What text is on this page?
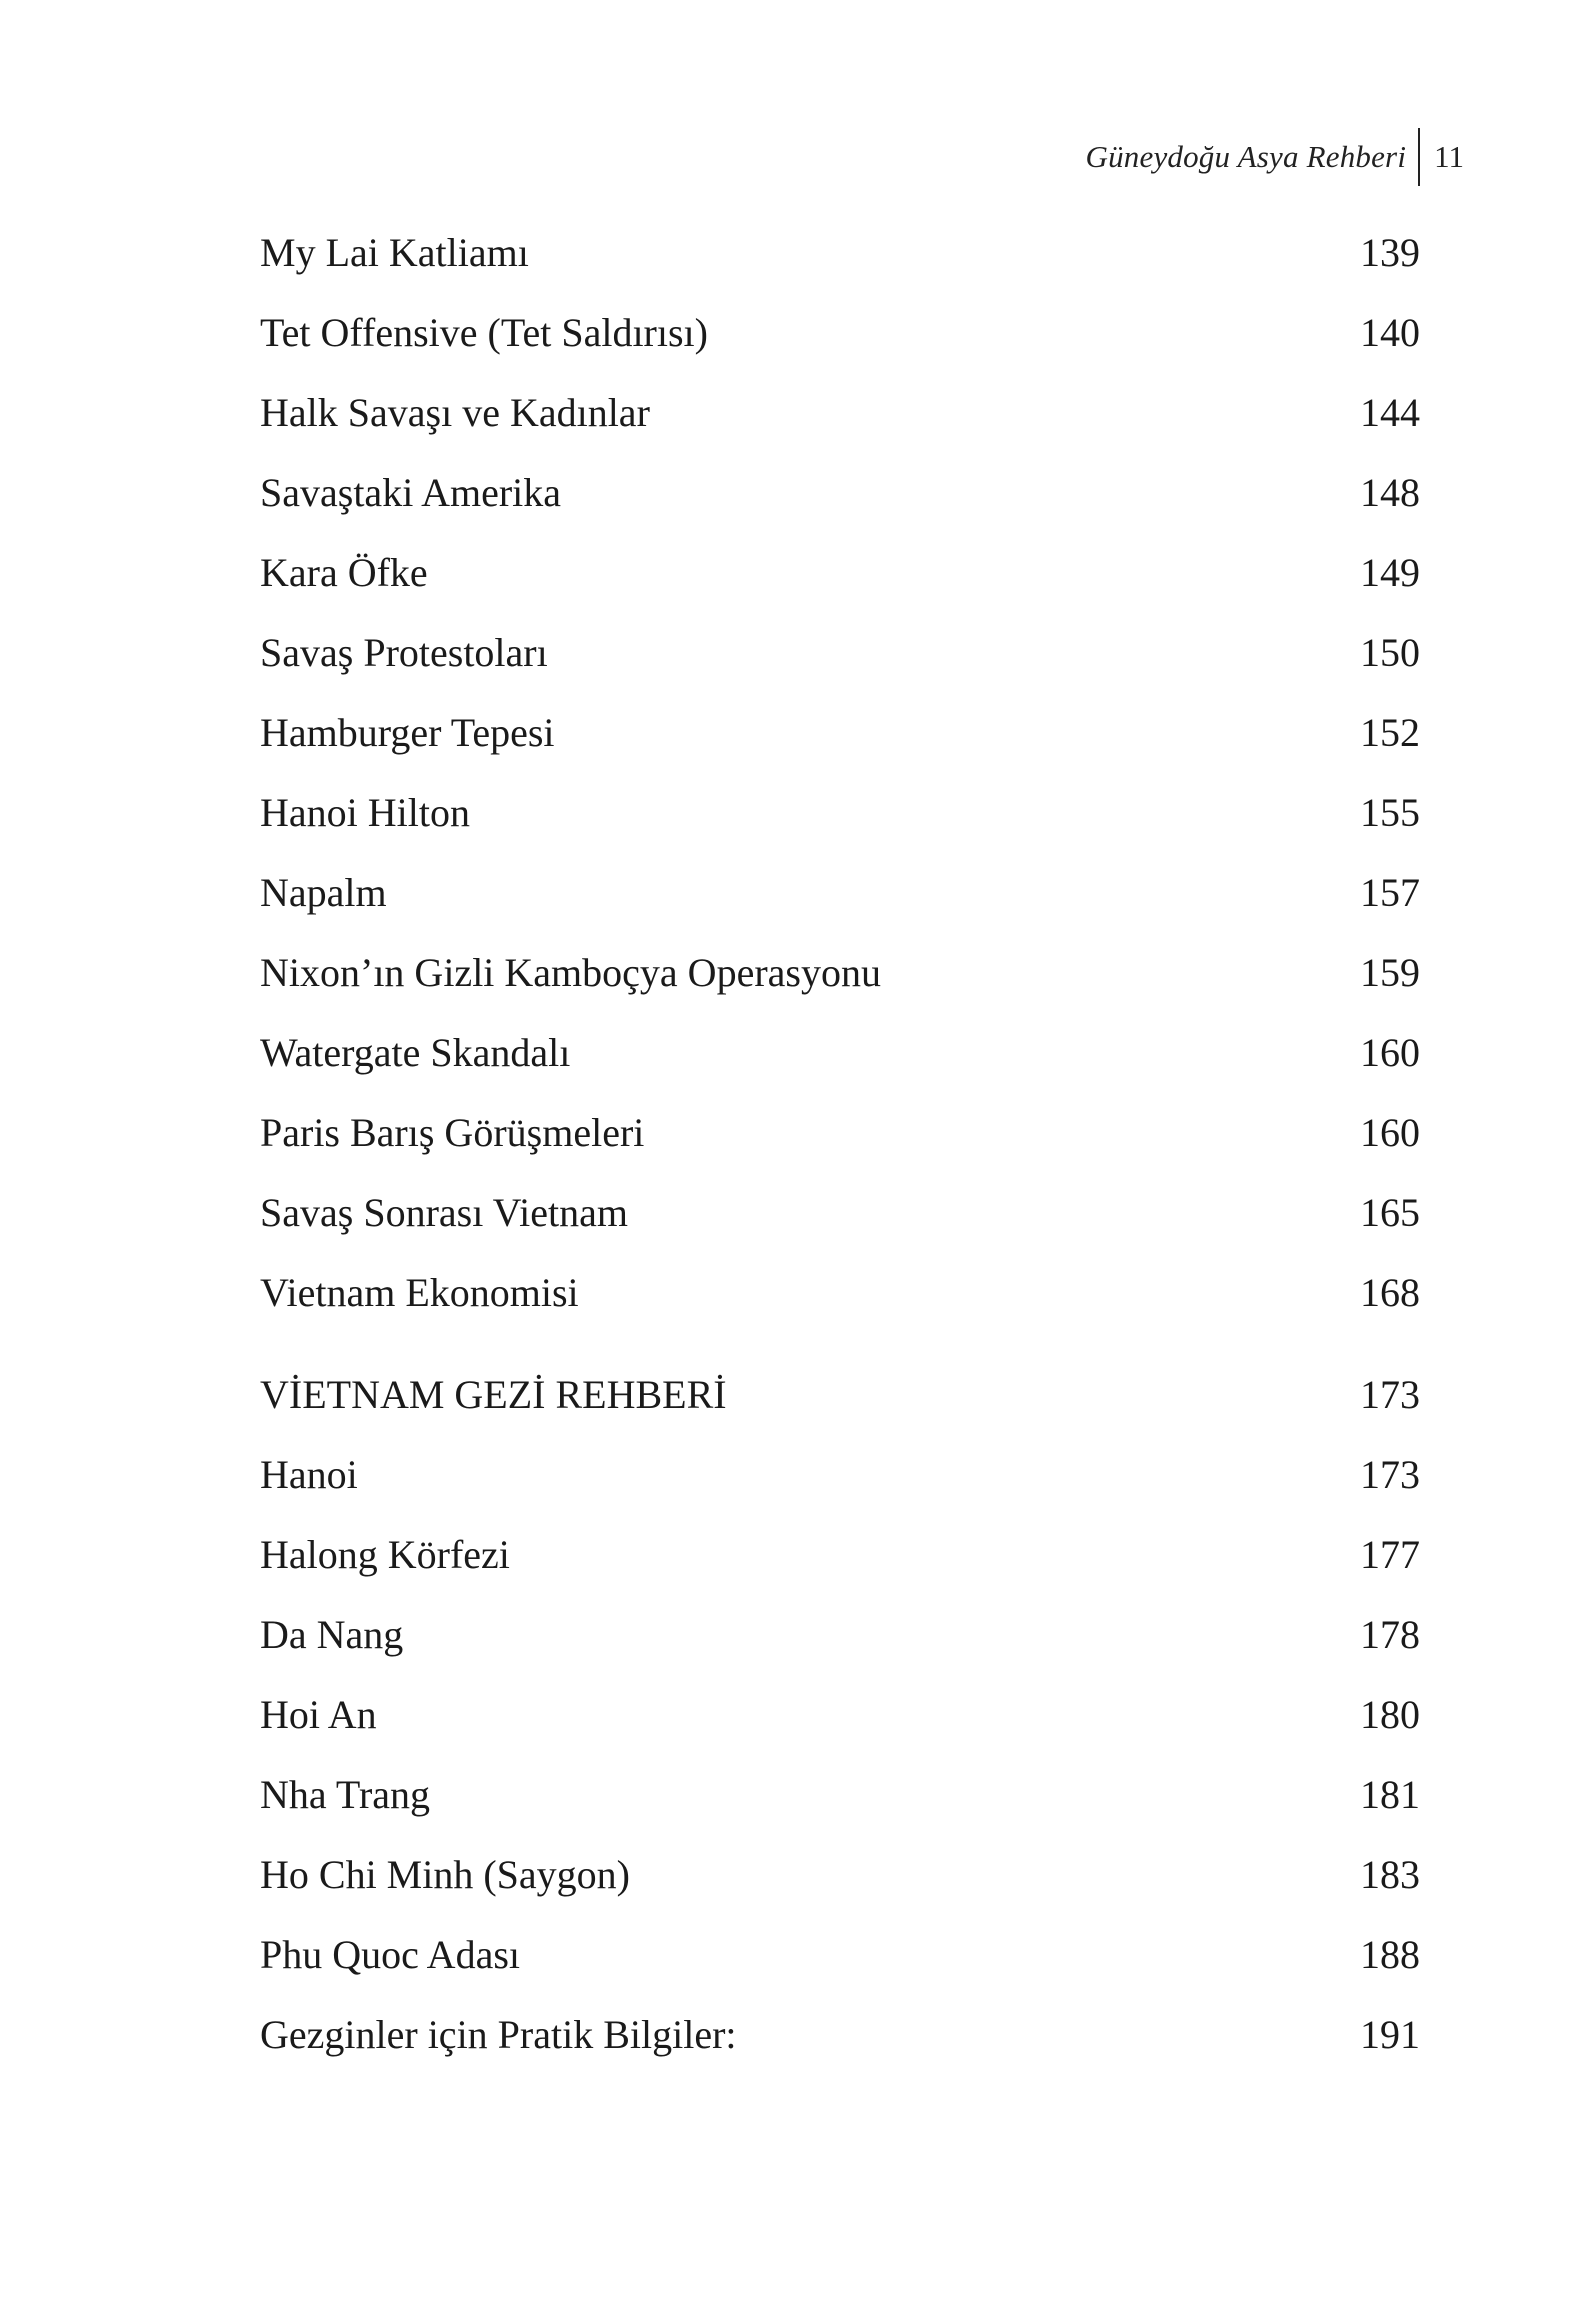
Güneydoğu Asya Rehberi 11
My Lai Katliamı	139
Tet Offensive (Tet Saldırısı)	140
Halk Savaşı ve Kadınlar	144
Savaştaki Amerika	148
Kara Öfke	149
Savaş Protestoları	150
Hamburger Tepesi	152
Hanoi Hilton	155
Napalm	157
Nixon’ın Gizli Kamboçya Operasyonu	159
Watergate Skandalı	160
Paris Barış Görüşmeleri	160
Savaş Sonrası Vietnam	165
Vietnam Ekonomisi	168
VİETNAM GEZİ REHBERİ	173
Hanoi	173
Halong Körfezi	177
Da Nang	178
Hoi An	180
Nha Trang	181
Ho Chi Minh (Saygon)	183
Phu Quoc Adası	188
Gezginler için Pratik Bilgiler:	191
